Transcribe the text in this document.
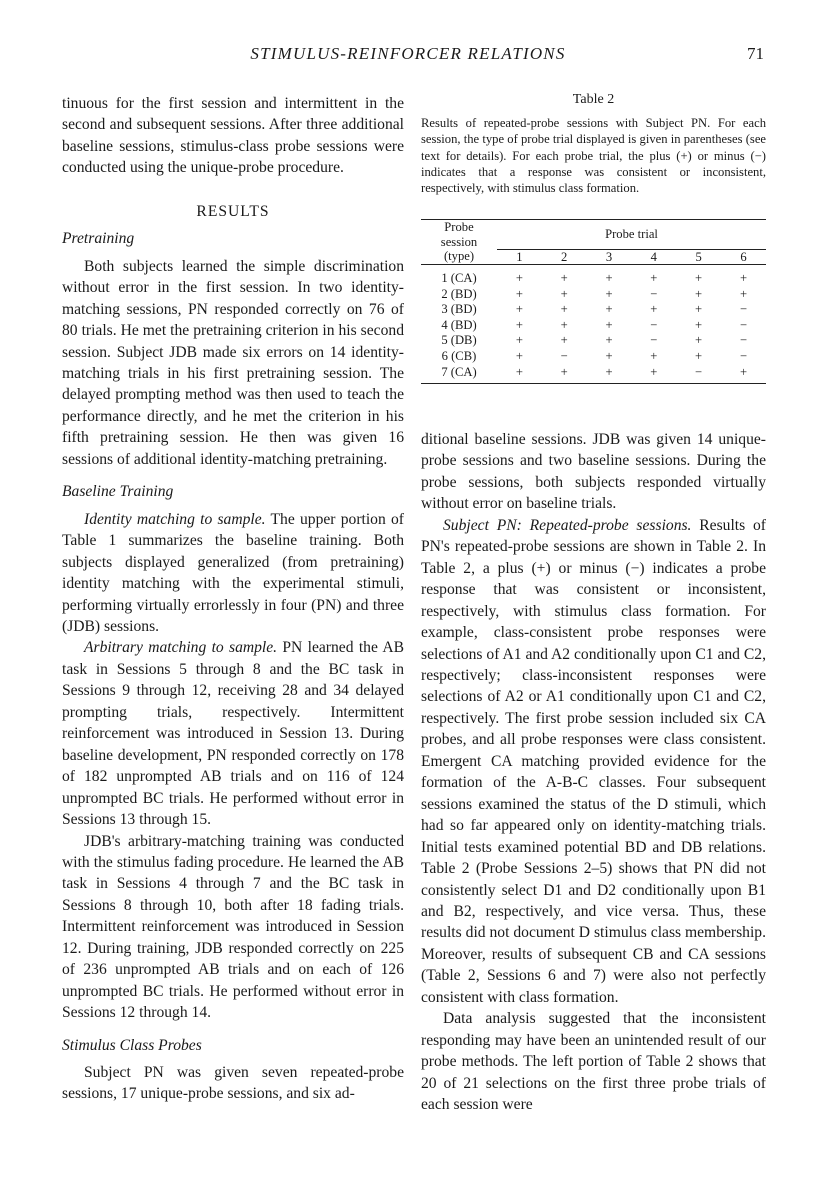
STIMULUS-REINFORCER RELATIONS	71

tinuous for the first session and intermittent in the second and subsequent sessions. After three additional baseline sessions, stimulus-class probe sessions were conducted using the unique-probe procedure.

RESULTS

Pretraining

Both subjects learned the simple discrimination without error in the first session. In two identity-matching sessions, PN responded correctly on 76 of 80 trials. He met the pretraining criterion in his second session. Subject JDB made six errors on 14 identity-matching trials in his first pretraining session. The delayed prompting method was then used to teach the performance directly, and he met the criterion in his fifth pretraining session. He then was given 16 sessions of additional identity-matching pretraining.

Baseline Training

Identity matching to sample. The upper portion of Table 1 summarizes the baseline training. Both subjects displayed generalized (from pretraining) identity matching with the experimental stimuli, performing virtually errorlessly in four (PN) and three (JDB) sessions.

Arbitrary matching to sample. PN learned the AB task in Sessions 5 through 8 and the BC task in Sessions 9 through 12, receiving 28 and 34 delayed prompting trials, respectively. Intermittent reinforcement was introduced in Session 13. During baseline development, PN responded correctly on 178 of 182 unprompted AB trials and on 116 of 124 unprompted BC trials. He performed without error in Sessions 13 through 15.

JDB's arbitrary-matching training was conducted with the stimulus fading procedure. He learned the AB task in Sessions 4 through 7 and the BC task in Sessions 8 through 10, both after 18 fading trials. Intermittent reinforcement was introduced in Session 12. During training, JDB responded correctly on 225 of 236 unprompted AB trials and on each of 126 unprompted BC trials. He performed without error in Sessions 12 through 14.

Stimulus Class Probes

Subject PN was given seven repeated-probe sessions, 17 unique-probe sessions, and six ad-

Table 2
Results of repeated-probe sessions with Subject PN. For each session, the type of probe trial displayed is given in parentheses (see text for details). For each probe trial, the plus (+) or minus (−) indicates that a response was consistent or inconsistent, respectively, with stimulus class formation.

Probe	Probe trial					
session						
(type)	1	2	3	4	5	6

1 (CA)	+	+	+	+	+	+
2 (BD)	+	+	+	−	+	+
3 (BD)	+	+	+	+	+	−
4 (BD)	+	+	+	−	+	−
5 (DB)	+	+	+	−	+	−
6 (CB)	+	−	+	+	+	−
7 (CA)	+	+	+	+	−	+

ditional baseline sessions. JDB was given 14 unique-probe sessions and two baseline sessions. During the probe sessions, both subjects responded virtually without error on baseline trials.

Subject PN: Repeated-probe sessions. Results of PN's repeated-probe sessions are shown in Table 2. In Table 2, a plus (+) or minus (−) indicates a probe response that was consistent or inconsistent, respectively, with stimulus class formation. For example, class-consistent probe responses were selections of A1 and A2 conditionally upon C1 and C2, respectively; class-inconsistent responses were selections of A2 or A1 conditionally upon C1 and C2, respectively. The first probe session included six CA probes, and all probe responses were class consistent. Emergent CA matching provided evidence for the formation of the A-B-C classes. Four subsequent sessions examined the status of the D stimuli, which had so far appeared only on identity-matching trials. Initial tests examined potential BD and DB relations. Table 2 (Probe Sessions 2–5) shows that PN did not consistently select D1 and D2 conditionally upon B1 and B2, respectively, and vice versa. Thus, these results did not document D stimulus class membership. Moreover, results of subsequent CB and CA sessions (Table 2, Sessions 6 and 7) were also not perfectly consistent with class formation.

Data analysis suggested that the inconsistent responding may have been an unintended result of our probe methods. The left portion of Table 2 shows that 20 of 21 selections on the first three probe trials of each session were
